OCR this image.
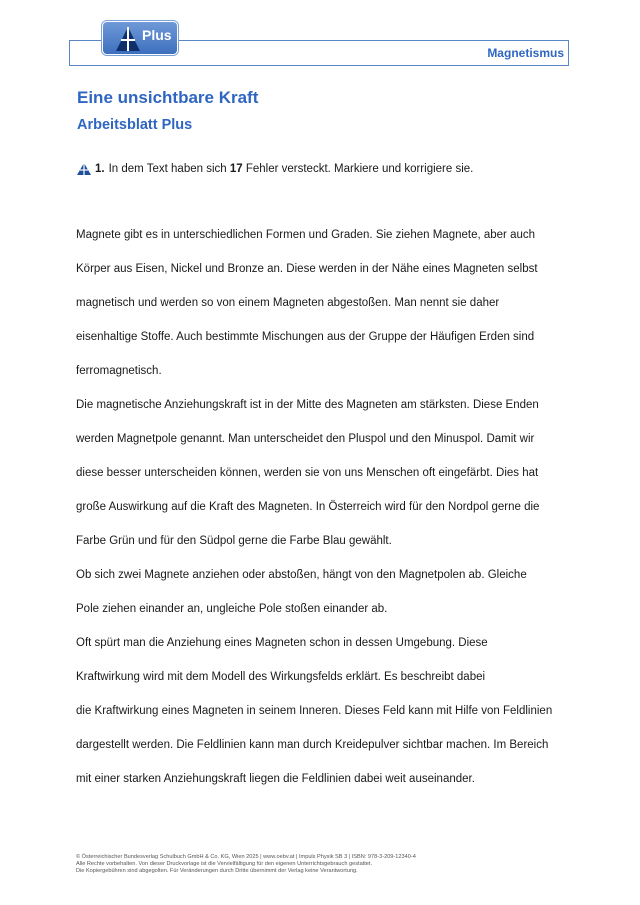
Plus
Magnetismus
Eine unsichtbare Kraft
Arbeitsblatt Plus
1. In dem Text haben sich 17 Fehler versteckt. Markiere und korrigiere sie.
Magnete gibt es in unterschiedlichen Formen und Graden. Sie ziehen Magnete, aber auch
Körper aus Eisen, Nickel und Bronze an. Diese werden in der Nähe eines Magneten selbst
magnetisch und werden so von einem Magneten abgestoßen. Man nennt sie daher
eisenhaltige Stoffe. Auch bestimmte Mischungen aus der Gruppe der Häufigen Erden sind
ferromagnetisch.
Die magnetische Anziehungskraft ist in der Mitte des Magneten am stärksten. Diese Enden
werden Magnetpole genannt. Man unterscheidet den Pluspol und den Minuspol. Damit wir
diese besser unterscheiden können, werden sie von uns Menschen oft eingefärbt. Dies hat
große Auswirkung auf die Kraft des Magneten. In Österreich wird für den Nordpol gerne die
Farbe Grün und für den Südpol gerne die Farbe Blau gewählt.
Ob sich zwei Magnete anziehen oder abstoßen, hängt von den Magnetpolen ab. Gleiche
Pole ziehen einander an, ungleiche Pole stoßen einander ab.
Oft spürt man die Anziehung eines Magneten schon in dessen Umgebung. Diese
Kraftwirkung wird mit dem Modell des Wirkungsfelds erklärt. Es beschreibt dabei
die Kraftwirkung eines Magneten in seinem Inneren. Dieses Feld kann mit Hilfe von Feldlinien
dargestellt werden. Die Feldlinien kann man durch Kreidepulver sichtbar machen. Im Bereich
mit einer starken Anziehungskraft liegen die Feldlinien dabei weit auseinander.
© Österreichischer Bundesverlag Schulbuch GmbH & Co. KG, Wien 2025 | www.oebv.at | Impuls Physik SB 3 | ISBN: 978-3-209-12340-4
Alle Rechte vorbehalten. Von dieser Druckvorlage ist die Vervielfältigung für den eigenen Unterrichtsgebrauch gestattet.
Die Kopiergebühren sind abgegolten. Für Veränderungen durch Dritte übernimmt der Verlag keine Verantwortung.
